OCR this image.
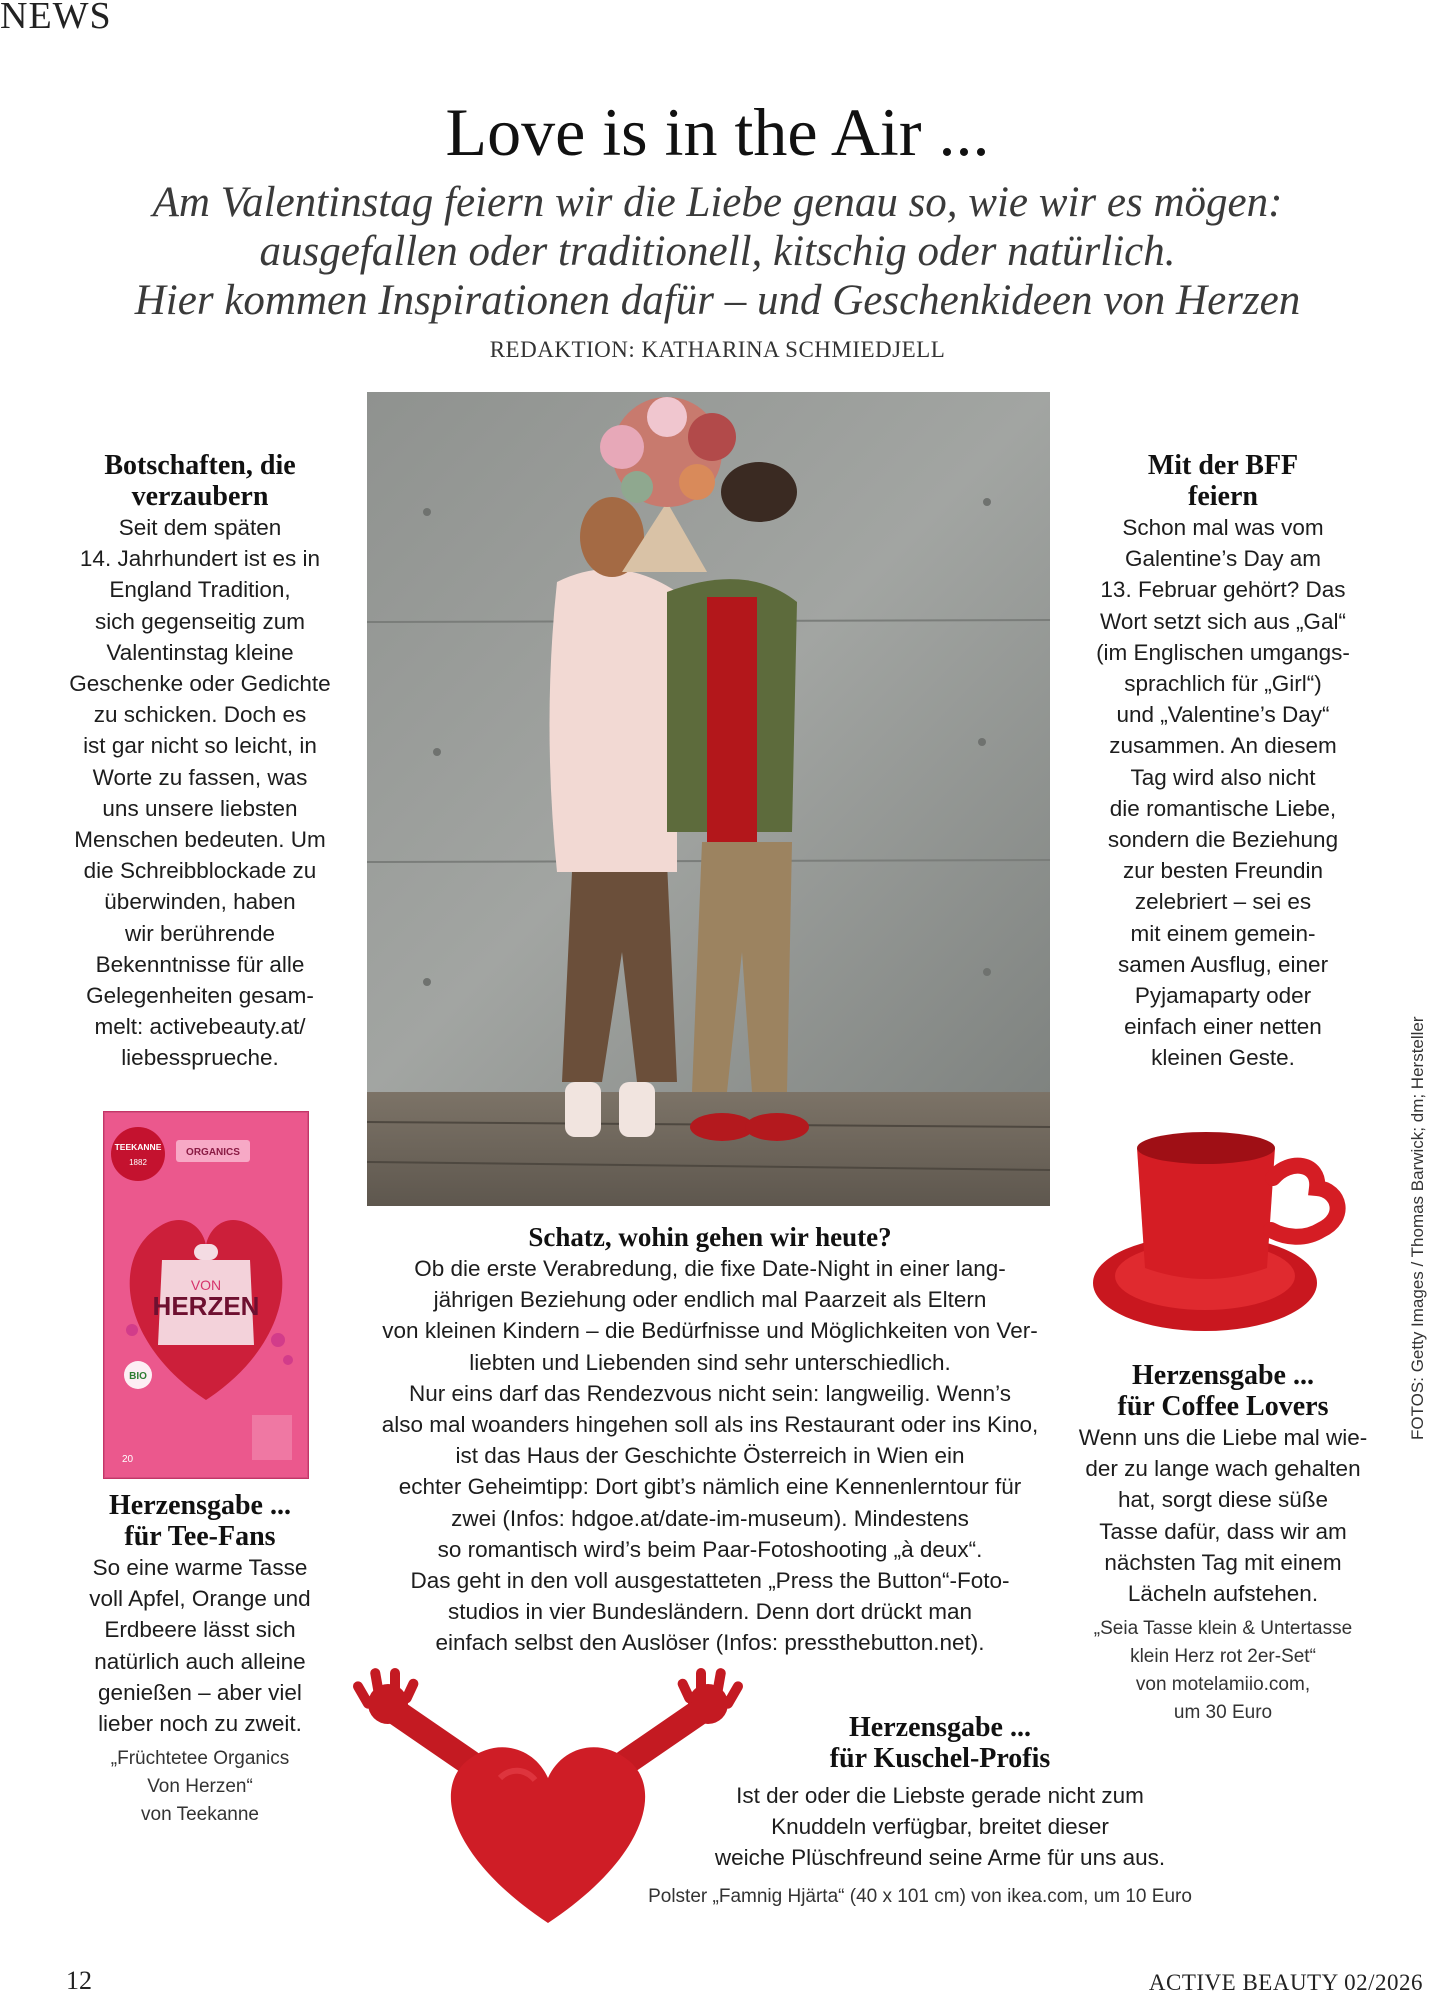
NEWS
Love is in the Air ...
Am Valentinstag feiern wir die Liebe genau so, wie wir es mögen:
ausgefallen oder traditionell, kitschig oder natürlich.
Hier kommen Inspirationen dafür – und Geschenkideen von Herzen
REDAKTION: KATHARINA SCHMIEDJELL
Botschaften, die
verzaubern
Seit dem späten
14. Jahrhundert ist es in
England Tradition,
sich gegenseitig zum
Valentinstag kleine
Geschenke oder Gedichte
zu schicken. Doch es
ist gar nicht so leicht, in
Worte zu fassen, was
uns unsere liebsten
Menschen bedeuten. Um
die Schreibblockade zu
überwinden, haben
wir berührende
Bekenntnisse für alle
Gelegenheiten gesam-
melt: activebeauty.at/
liebessprueche.
Mit der BFF
feiern
Schon mal was vom
Galentine’s Day am
13. Februar gehört? Das
Wort setzt sich aus „Gal“
(im Englischen umgangs-
sprachlich für „Girl“)
und „Valentine’s Day“
zusammen. An diesem
Tag wird also nicht
die romantische Liebe,
sondern die Beziehung
zur besten Freundin
zelebriert – sei es
mit einem gemein-
samen Ausflug, einer
Pyjamaparty oder
einfach einer netten
kleinen Geste.
Schatz, wohin gehen wir heute?
Ob die erste Verabredung, die fixe Date-Night in einer lang-
jährigen Beziehung oder endlich mal Paarzeit als Eltern
von kleinen Kindern – die Bedürfnisse und Möglichkeiten von Ver-
liebten und Liebenden sind sehr unterschiedlich.
Nur eins darf das Rendezvous nicht sein: langweilig. Wenn’s
also mal woanders hingehen soll als ins Restaurant oder ins Kino,
ist das Haus der Geschichte Österreich in Wien ein
echter Geheimtipp: Dort gibt’s nämlich eine Kennenlerntour für
zwei (Infos: hdgoe.at/date-im-museum). Mindestens
so romantisch wird’s beim Paar-Fotoshooting „à deux“.
Das geht in den voll ausgestatteten „Press the Button“-Foto-
studios in vier Bundesländern. Denn dort drückt man
einfach selbst den Auslöser (Infos: pressthebutton.net).
TEEKANNE
1882
ORGANICS
VON
HERZEN
BIO
20
Herzensgabe ...
für Tee-Fans
So eine warme Tasse
voll Apfel, Orange und
Erdbeere lässt sich
natürlich auch alleine
genießen – aber viel
lieber noch zu zweit.
„Früchtetee Organics
Von Herzen“
von Teekanne
Herzensgabe ...
für Coffee Lovers
Wenn uns die Liebe mal wie-
der zu lange wach gehalten
hat, sorgt diese süße
Tasse dafür, dass wir am
nächsten Tag mit einem
Lächeln aufstehen.
„Seia Tasse klein & Untertasse
klein Herz rot 2er-Set“
von motelamiio.com,
um 30 Euro
Herzensgabe ...
für Kuschel-Profis
Ist der oder die Liebste gerade nicht zum
Knuddeln verfügbar, breitet dieser
weiche Plüschfreund seine Arme für uns aus.
Polster „Famnig Hjärta“ (40 x 101 cm) von ikea.com, um 10 Euro
FOTOS: Getty Images / Thomas Barwick; dm; Hersteller
12	ACTIVE BEAUTY 02/2026
